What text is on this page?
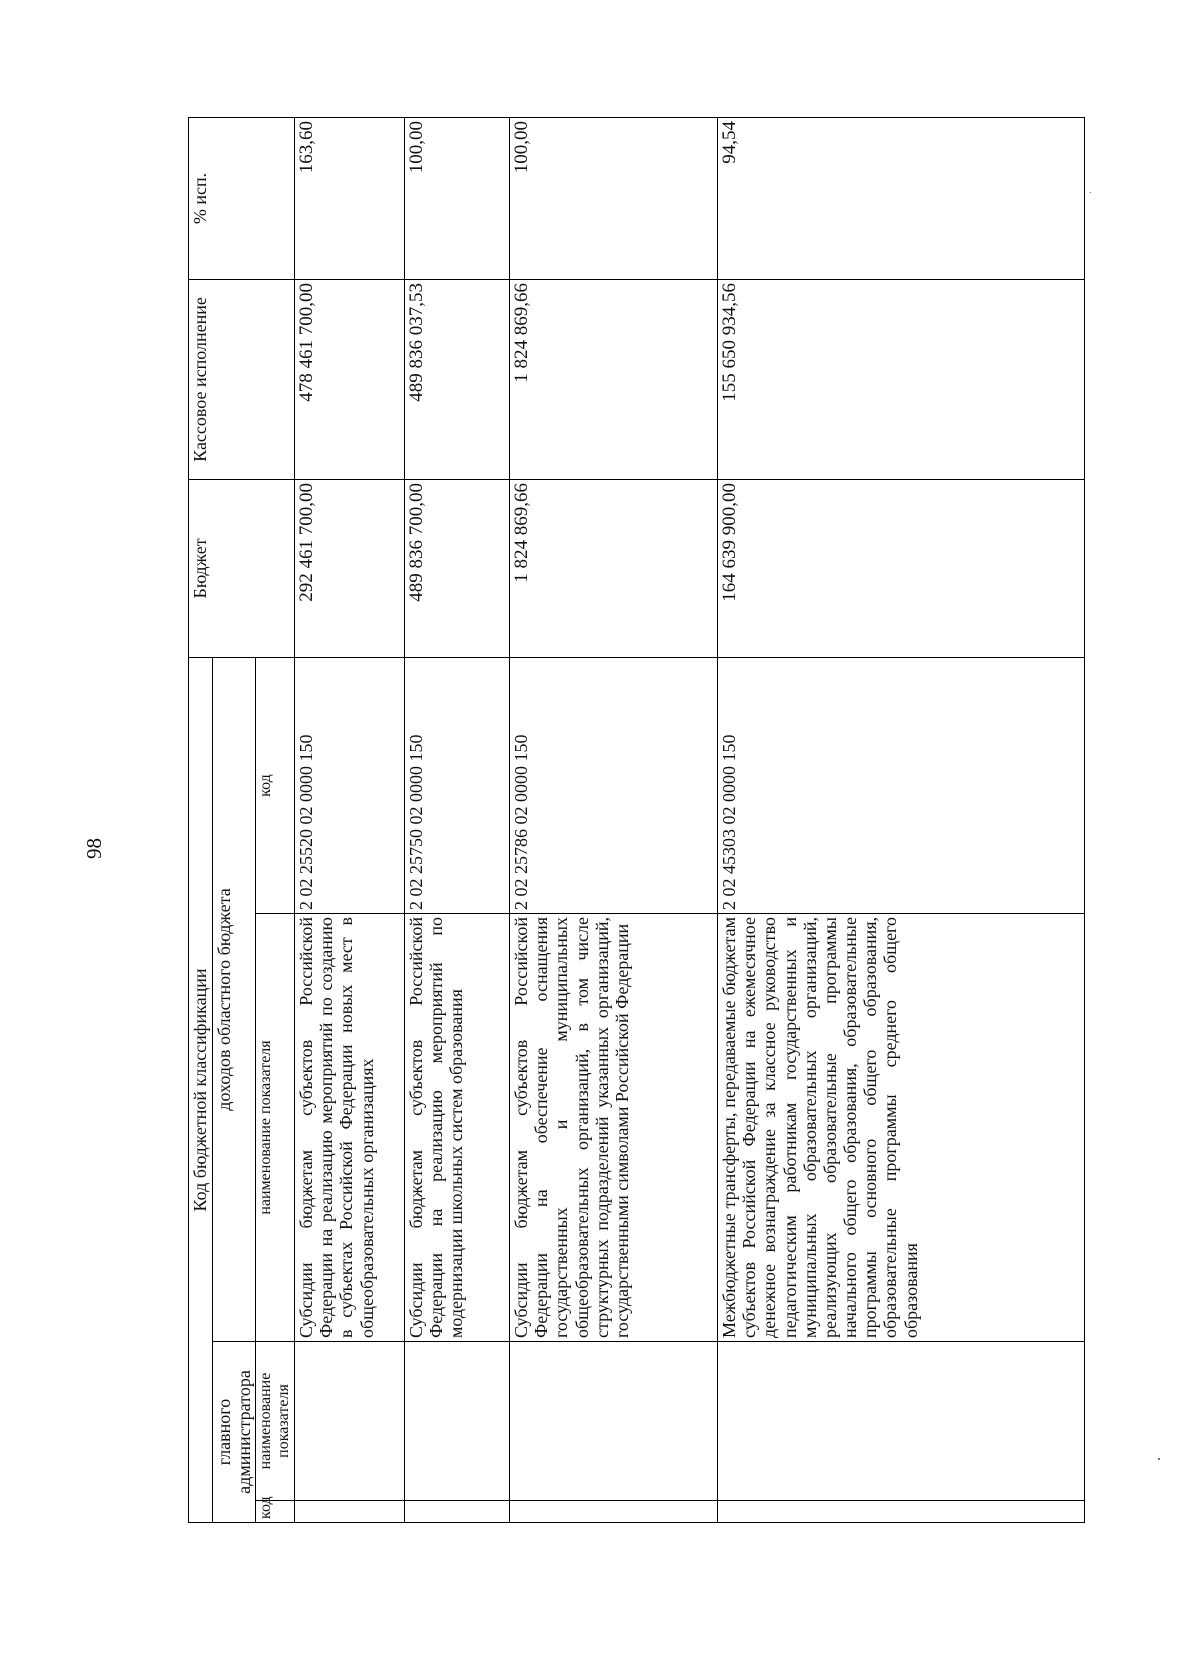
98
Код бюджетной классификации				Бюджет	Кассовое исполнение	% исп.
главного администратора		доходов областного бюджета				
код	наименование показателя	наименование показателя	код			
		Субсидии бюджетам субъектов Российской Федерации на реализацию мероприятий по созданию в субъектах Российской Федерации новых мест в общеобразовательных организациях	2 02 25520 02 0000 150	292 461 700,00	478 461 700,00	163,60
		Субсидии бюджетам субъектов Российской Федерации на реализацию мероприятий по модернизации школьных систем образования	2 02 25750 02 0000 150	489 836 700,00	489 836 037,53	100,00
		Субсидии бюджетам субъектов Российской Федерации на обеспечение оснащения государственных и муниципальных общеобразовательных организаций, в том числе структурных подразделений указанных организаций, государственными символами Российской Федерации	2 02 25786 02 0000 150	1 824 869,66	1 824 869,66	100,00
		Межбюджетные трансферты, передаваемые бюджетам субъектов Российской Федерации на ежемесячное денежное вознаграждение за классное руководство педагогическим работникам государственных и муниципальных образовательных организаций, реализующих образовательные программы начального общего образования, образовательные программы основного общего образования, образовательные программы среднего общего образования	2 02 45303 02 0000 150	164 639 900,00	155 650 934,56	94,54
